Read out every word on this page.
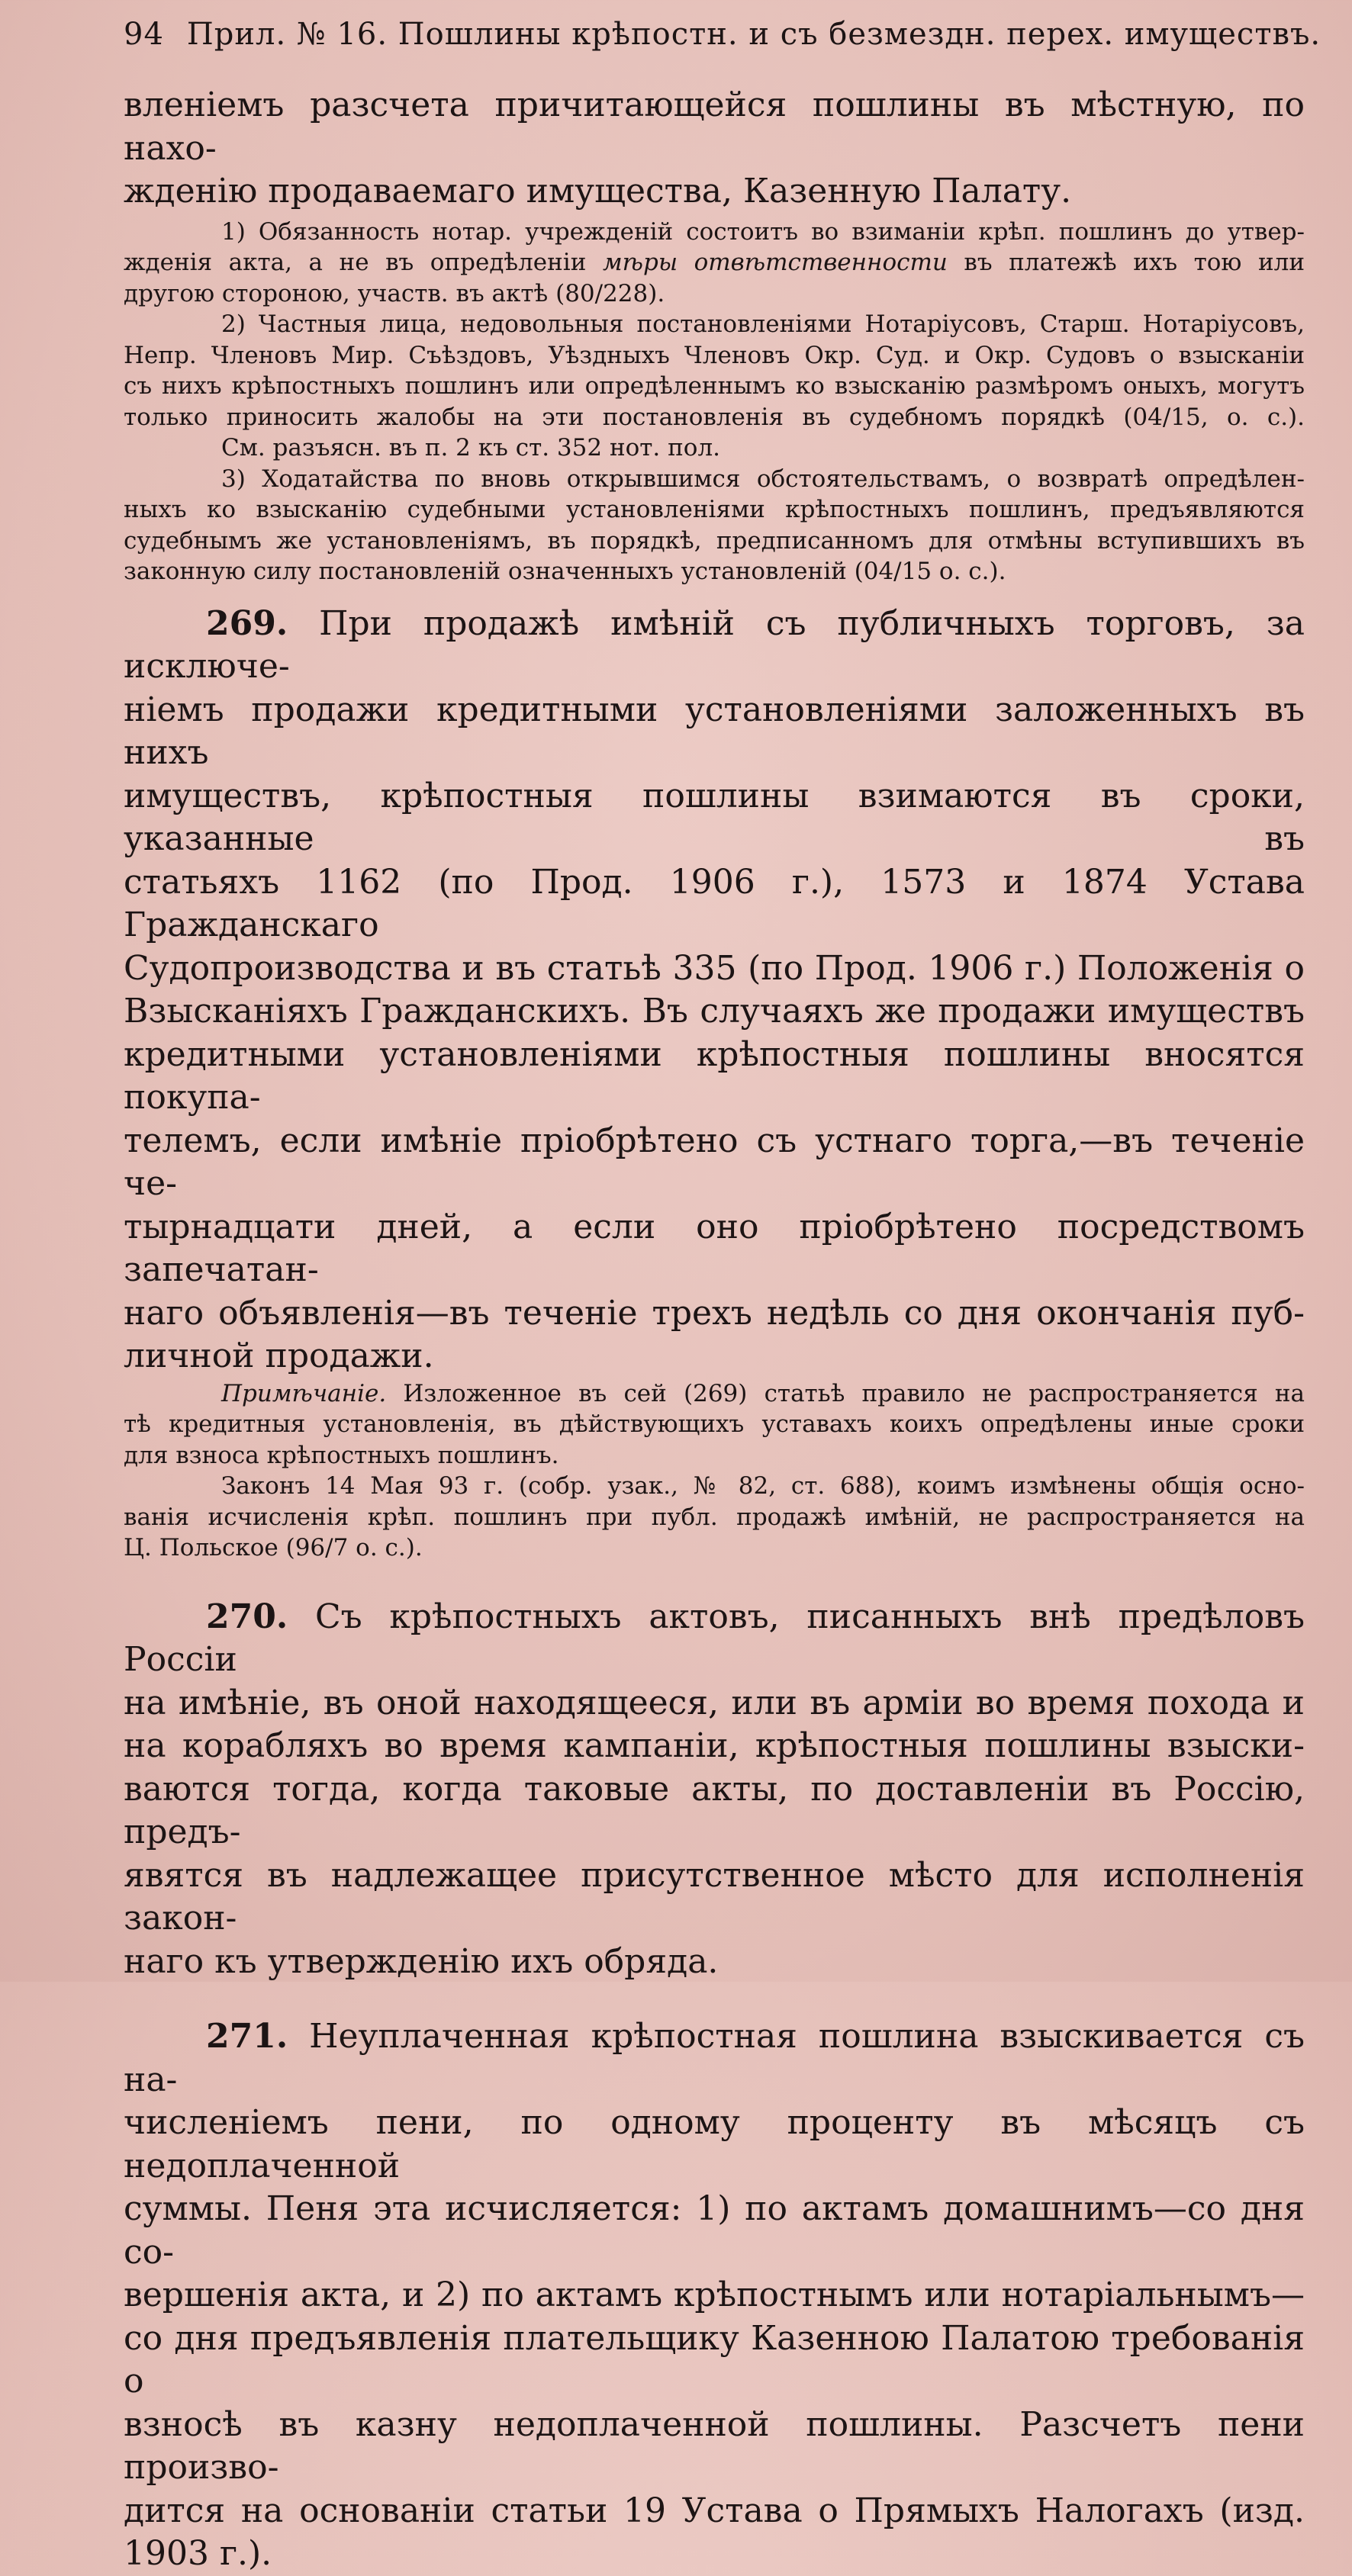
94 Прил. № 16. Пошлины крѣпостн. и съ безмездн. перех. имуществъ.

вленіемъ разсчета причитающейся пошлины въ мѣстную, по нахо-

жденію продаваемаго имущества, Казенную Палату.

1) Обязанность нотар. учрежденій состоитъ во взиманіи крѣп. пошлинъ до утвер-

жденія акта, а не въ опредѣленіи мѣры отвѣтственности въ платежѣ ихъ тою или

другою стороною, участв. въ актѣ (80/228).

2) Частныя лица, недовольныя постановленіями Нотаріусовъ, Старш. Нотаріусовъ,

Непр. Членовъ Мир. Съѣздовъ, Уѣздныхъ Членовъ Окр. Суд. и Окр. Судовъ о взысканіи

съ нихъ крѣпостныхъ пошлинъ или опредѣленнымъ ко взысканію размѣромъ оныхъ, могутъ

только приносить жалобы на эти постановленія въ судебномъ порядкѣ (04/15, о. с.).

См. разъясн. въ п. 2 къ ст. 352 нот. пол.

3) Ходатайства по вновь открывшимся обстоятельствамъ, о возвратѣ опредѣлен-

ныхъ ко взысканію судебными установленіями крѣпостныхъ пошлинъ, предъявляются

судебнымъ же установленіямъ, въ порядкѣ, предписанномъ для отмѣны вступившихъ въ

законную силу постановленій означенныхъ установленій (04/15 о. с.).

269. При продажѣ имѣній съ публичныхъ торговъ, за исключе-

ніемъ продажи кредитными установленіями заложенныхъ въ нихъ

имуществъ, крѣпостныя пошлины взимаются въ сроки, указанные въ

статьяхъ 1162 (по Прод. 1906 г.), 1573 и 1874 Устава Гражданскаго

Судопроизводства и въ статьѣ 335 (по Прод. 1906 г.) Положенія о

Взысканіяхъ Гражданскихъ. Въ случаяхъ же продажи имуществъ

кредитными установленіями крѣпостныя пошлины вносятся покупа-

телемъ, если имѣніе пріобрѣтено съ устнаго торга,—въ теченіе че-

тырнадцати дней, а если оно пріобрѣтено посредствомъ запечатан-

наго объявленія—въ теченіе трехъ недѣль со дня окончанія пуб-

личной продажи.

Примѣчаніе. Изложенное въ сей (269) статьѣ правило не распространяется на

тѣ кредитныя установленія, въ дѣйствующихъ уставахъ коихъ опредѣлены иные сроки

для взноса крѣпостныхъ пошлинъ.

Законъ 14 Мая 93 г. (собр. узак., № 82, ст. 688), коимъ измѣнены общія осно-

ванія исчисленія крѣп. пошлинъ при публ. продажѣ имѣній, не распространяется на

Ц. Польское (96/7 о. с.).

270. Съ крѣпостныхъ актовъ, писанныхъ внѣ предѣловъ Россіи

на имѣніе, въ оной находящееся, или въ арміи во время похода и

на корабляхъ во время кампаніи, крѣпостныя пошлины взыски-

ваются тогда, когда таковые акты, по доставленіи въ Россію, предъ-

явятся въ надлежащее присутственное мѣсто для исполненія закон-

наго къ утвержденію ихъ обряда.

271. Неуплаченная крѣпостная пошлина взыскивается съ на-

численіемъ пени, по одному проценту въ мѣсяцъ съ недоплаченной

суммы. Пеня эта исчисляется: 1) по актамъ домашнимъ—со дня со-

вершенія акта, и 2) по актамъ крѣпостнымъ или нотаріальнымъ—

со дня предъявленія плательщику Казенною Палатою требованія о

взносѣ въ казну недоплаченной пошлины. Разсчетъ пени произво-

дится на основаніи статьи 19 Устава о Прямыхъ Налогахъ (изд.

1903 г.).
